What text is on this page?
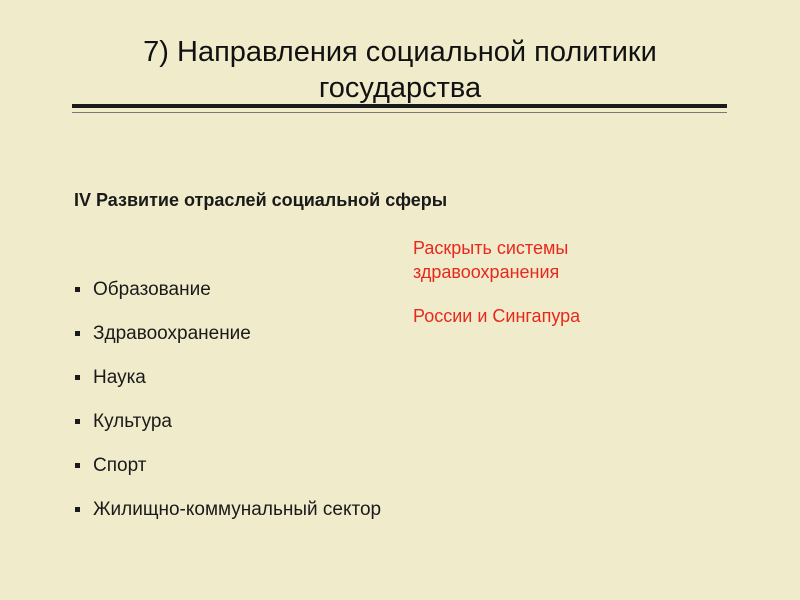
7) Направления социальной политики
государства
IV Развитие отраслей социальной сферы
Раскрыть системы
здравоохранения
России и Сингапура
Образование
Здравоохранение
Наука
Культура
Спорт
Жилищно-коммунальный сектор
